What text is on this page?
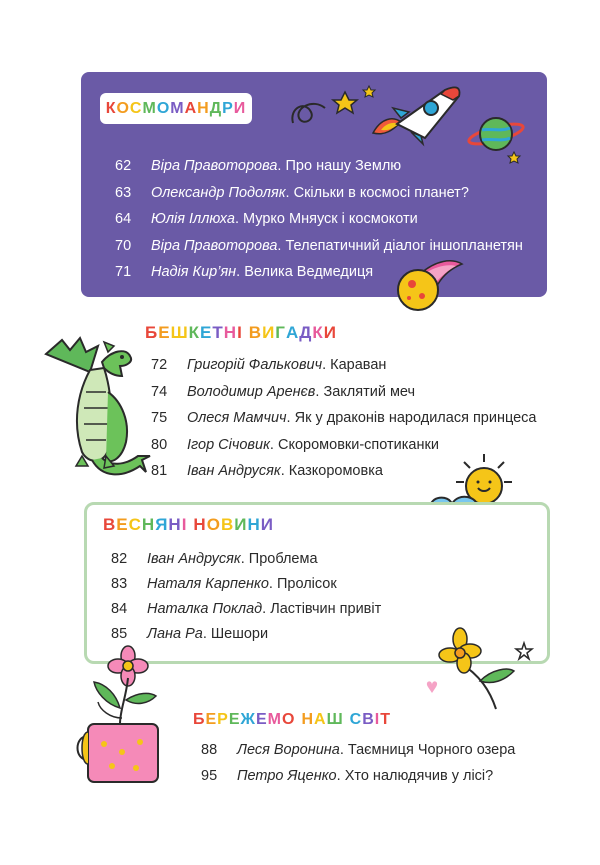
КОСМОМАНДРИ
БЕШКЕТНІ ВИГАДКИ
ВЕСНЯНІ НОВИНИ
БЕРЕЖЕМО НАШ СВІТ
62	Віра Правоторова . Про нашу Землю
63	Олександр Подоляк . Скільки в космосі планет?
64	Юлія Іллюха . Мурко Мняуск і космокоти
70	Віра Правоторова . Телепатичний діалог іншопланетян
71	Надія Кир’ян . Велика Ведмедиця
72	Григорій Фалькович . Караван
74	Володимир Аренєв . Заклятий меч
75	Олеся Мамчич . Як у драконів народилася принцеса
80	Ігор Січовик . Скоромовки-спотиканки
81	Іван Андрусяк . Казкоромовка
82	Іван Андрусяк . Проблема
83	Наталя Карпенко . Пролісок
84	Наталка Поклад . Ластівчин привіт
85	Лана Ра . Шешори
88	Леся Воронина . Таємниця Чорного озера
95	Петро Яценко . Хто налюдячив у лісі?
